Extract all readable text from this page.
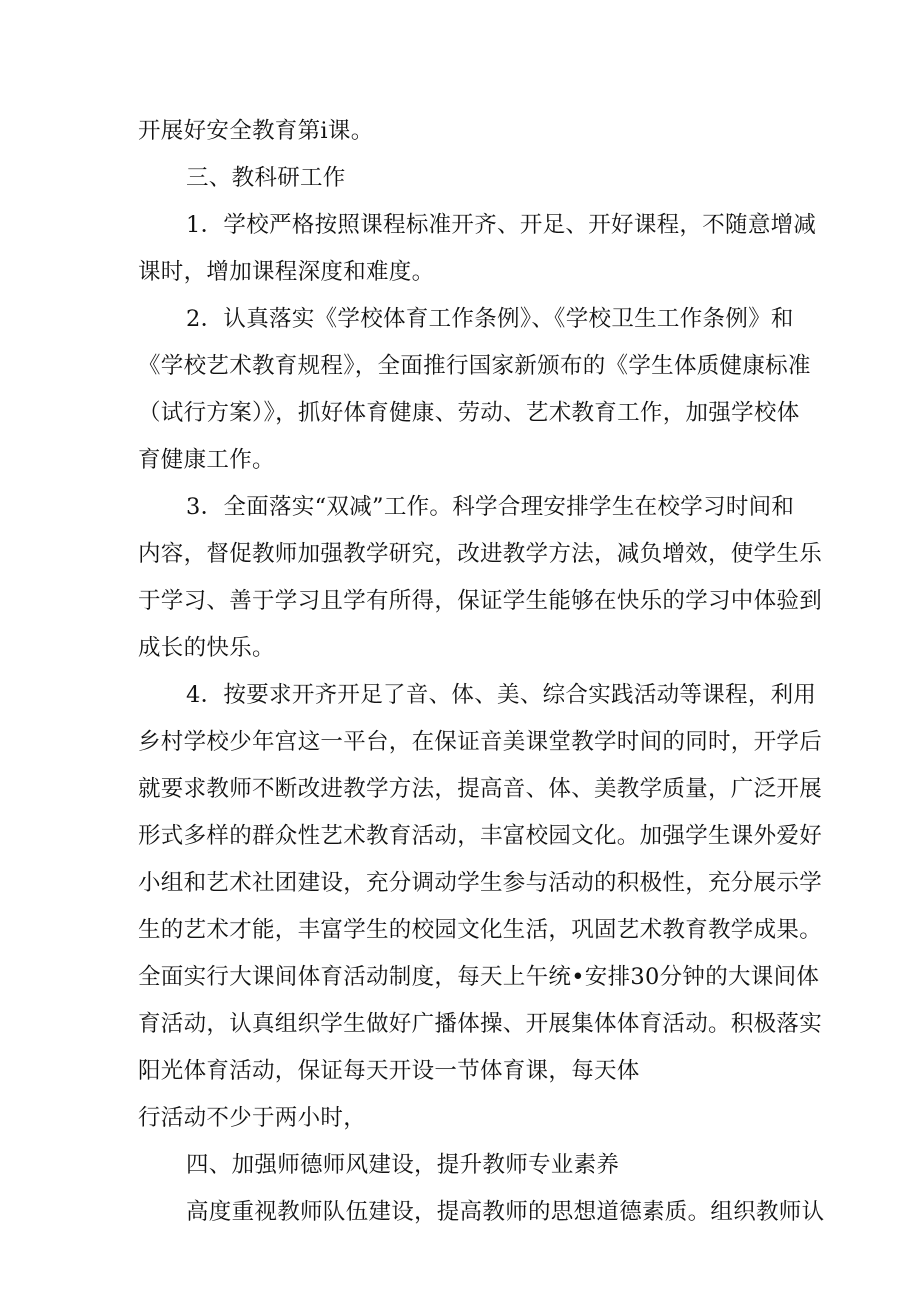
开展好安全教育第i课。
三、教科研工作
1．学校严格按照课程标准开齐、开足、开好课程，不随意增减
课时，增加课程深度和难度。
2．认真落实《学校体育工作条例》、《学校卫生工作条例》和
《学校艺术教育规程》，全面推行国家新颁布的《学生体质健康标准
（试行方案）》，抓好体育健康、劳动、艺术教育工作，加强学校体
育健康工作。
3．全面落实“双减”工作。科学合理安排学生在校学习时间和
内容，督促教师加强教学研究，改进教学方法，减负增效，使学生乐
于学习、善于学习且学有所得，保证学生能够在快乐的学习中体验到
成长的快乐。
4．按要求开齐开足了音、体、美、综合实践活动等课程，利用
乡村学校少年宫这一平台，在保证音美课堂教学时间的同时，开学后
就要求教师不断改进教学方法，提高音、体、美教学质量，广泛开展
形式多样的群众性艺术教育活动，丰富校园文化。加强学生课外爱好
小组和艺术社团建设，充分调动学生参与活动的积极性，充分展示学
生的艺术才能，丰富学生的校园文化生活，巩固艺术教育教学成果。
全面实行大课间体育活动制度，每天上午统•安排30分钟的大课间体
育活动，认真组织学生做好广播体操、开展集体体育活动。积极落实
阳光体育活动，保证每天开设一节体育课，每天体
行活动不少于两小时，
四、加强师德师风建设，提升教师专业素养
高度重视教师队伍建设，提高教师的思想道德素质。组织教师认
